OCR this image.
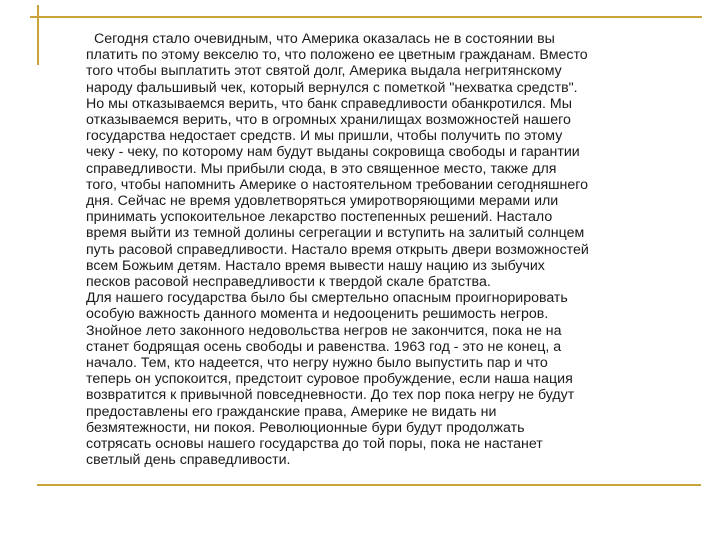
Сегодня стало очевидным, что Америка оказалась не в состоянии вы
платить по этому векселю то, что положено ее цветным гражданам. Вместо
того чтобы выплатить этот святой долг, Америка выдала негритянскому
народу фальшивый чек, который вернулся с пометкой "нехватка средств".
Но мы отказываемся верить, что банк справедливости обанкротился. Мы
отказываемся верить, что в огромных хранилищах возможностей нашего
государства недостает средств. И мы пришли, чтобы получить по этому
чеку - чеку, по которому нам будут выданы сокровища свободы и гарантии
справедливости. Мы прибыли сюда, в это священное место, также для
того, чтобы напомнить Америке о настоятельном требовании сегодняшнего
дня. Сейчас не время удовлетворяться умиротворяющими мерами или
принимать успокоительное лекарство постепенных решений. Настало
время выйти из темной долины сегрегации и вступить на залитый солнцем
путь расовой справедливости. Настало время открыть двери возможностей
всем Божьим детям. Настало время вывести нашу нацию из зыбучих
песков расовой несправедливости к твердой скале братства.

Для нашего государства было бы смертельно опасным проигнорировать
особую важность данного момента и недооценить решимость негров.
Знойное лето законного недовольства негров не закончится, пока не на
станет бодрящая осень свободы и равенства. 1963 год - это не конец, а
начало. Тем, кто надеется, что негру нужно было выпустить пар и что
теперь он успокоится, предстоит суровое пробуждение, если наша нация
возвратится к привычной повседневности. До тех пор пока негру не будут
предоставлены его гражданские права, Америке не видать ни
безмятежности, ни покоя. Революционные бури будут продолжать
сотрясать основы нашего государства до той поры, пока не настанет
светлый день справедливости.
